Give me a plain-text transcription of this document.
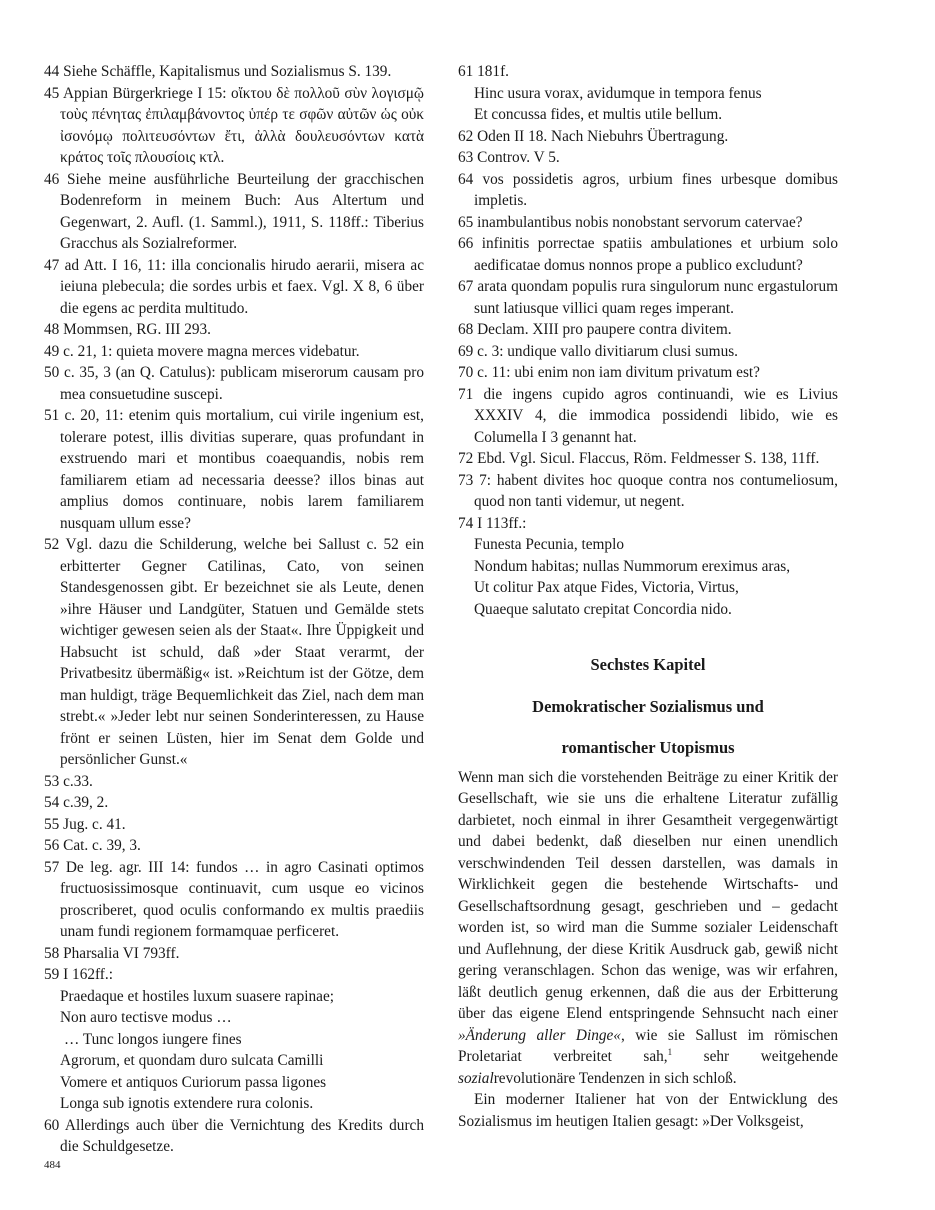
44 Siehe Schäffle, Kapitalismus und Sozialismus S. 139.

45 Appian Bürgerkriege I 15: οἴκτου δὲ πολλοῦ σὺν λογισμῷ τοὺς πένητας ἐπιλαμβάνοντος ὑπέρ τε σφῶν αὐτῶν ὡς οὐκ ἰσονόμῳ πολιτευσόντων ἔτι, ἀλλὰ δουλευσόντων κατὰ κράτος τοῖς πλουσίοις κτλ.

46 Siehe meine ausführliche Beurteilung der gracchischen Bodenreform in meinem Buch: Aus Altertum und Gegenwart, 2. Aufl. (1. Samml.), 1911, S. 118ff.: Tiberius Gracchus als Sozialreformer.

47 ad Att. I 16, 11: illa concionalis hirudo aerarii, misera ac ieiuna plebecula; die sordes urbis et faex. Vgl. X 8, 6 über die egens ac perdita multitudo.

48 Mommsen, RG. III 293.

49 c. 21, 1: quieta movere magna merces videbatur.

50 c. 35, 3 (an Q. Catulus): publicam miserorum causam pro mea consuetudine suscepi.

51 c. 20, 11: etenim quis mortalium, cui virile ingenium est, tolerare potest, illis divitias superare, quas profundant in exstruendo mari et montibus coaequandis, nobis rem familiarem etiam ad necessaria deesse? illos binas aut amplius domos continuare, nobis larem familiarem nusquam ullum esse?

52 Vgl. dazu die Schilderung, welche bei Sallust c. 52 ein erbitterter Gegner Catilinas, Cato, von seinen Standesgenossen gibt. Er bezeichnet sie als Leute, denen »ihre Häuser und Landgüter, Statuen und Gemälde stets wichtiger gewesen seien als der Staat«. Ihre Üppigkeit und Habsucht ist schuld, daß »der Staat verarmt, der Privatbesitz übermäßig« ist. »Reichtum ist der Götze, dem man huldigt, träge Bequemlichkeit das Ziel, nach dem man strebt.« »Jeder lebt nur seinen Sonderinteressen, zu Hause frönt er seinen Lüsten, hier im Senat dem Golde und persönlicher Gunst.«

53 c.33.

54 c.39, 2.

55 Jug. c. 41.

56 Cat. c. 39, 3.

57 De leg. agr. III 14: fundos … in agro Casinati optimos fructuosissimosque continuavit, cum usque eo vicinos proscriberet, quod oculis conformando ex multis praediis unam fundi regionem formamquae perficeret.

58 Pharsalia VI 793ff.

59 I 162ff.:

Praedaque et hostiles luxum suasere rapinae;

Non auro tectisve modus …

… Tunc longos iungere fines

Agrorum, et quondam duro sulcata Camilli

Vomere et antiquos Curiorum passa ligones

Longa sub ignotis extendere rura colonis.

60 Allerdings auch über die Vernichtung des Kredits durch die Schuldgesetze.

61 181f.

Hinc usura vorax, avidumque in tempora fenus

Et concussa fides, et multis utile bellum.

62 Oden II 18. Nach Niebuhrs Übertragung.

63 Controv. V 5.

64 vos possidetis agros, urbium fines urbesque domibus impletis.

65 inambulantibus nobis nonobstant servorum catervae?

66 infinitis porrectae spatiis ambulationes et urbium solo aedificatae domus nonnos prope a publico excludunt?

67 arata quondam populis rura singulorum nunc ergastulorum sunt latiusque villici quam reges imperant.

68 Declam. XIII pro paupere contra divitem.

69 c. 3: undique vallo divitiarum clusi sumus.

70 c. 11: ubi enim non iam divitum privatum est?

71 die ingens cupido agros continuandi, wie es Livius XXXIV 4, die immodica possidendi libido, wie es Columella I 3 genannt hat.

72 Ebd. Vgl. Sicul. Flaccus, Röm. Feldmesser S. 138, 11ff.

73 7: habent divites hoc quoque contra nos contumeliosum, quod non tanti videmur, ut negent.

74 I 113ff.:

Funesta Pecunia, templo

Nondum habitas; nullas Nummorum ereximus aras,

Ut colitur Pax atque Fides, Victoria, Virtus,

Quaeque salutato crepitat Concordia nido.

Sechstes Kapitel

Demokratischer Sozialismus und

romantischer Utopismus

Wenn man sich die vorstehenden Beiträge zu einer Kritik der Gesellschaft, wie sie uns die erhaltene Literatur zufällig darbietet, noch einmal in ihrer Gesamtheit vergegenwärtigt und dabei bedenkt, daß dieselben nur einen unendlich verschwindenden Teil dessen darstellen, was damals in Wirklichkeit gegen die bestehende Wirtschafts- und Gesellschaftsordnung gesagt, geschrieben und – gedacht worden ist, so wird man die Summe sozialer Leidenschaft und Auflehnung, der diese Kritik Ausdruck gab, gewiß nicht gering veranschlagen. Schon das wenige, was wir erfahren, läßt deutlich genug erkennen, daß die aus der Erbitterung über das eigene Elend entspringende Sehnsucht nach einer »Änderung aller Dinge«, wie sie Sallust im römischen Proletariat verbreitet sah,$^1$ sehr weitgehende sozialrevolutionäre Tendenzen in sich schloß.

Ein moderner Italiener hat von der Entwicklung des Sozialismus im heutigen Italien gesagt: »Der Volksgeist,

484
